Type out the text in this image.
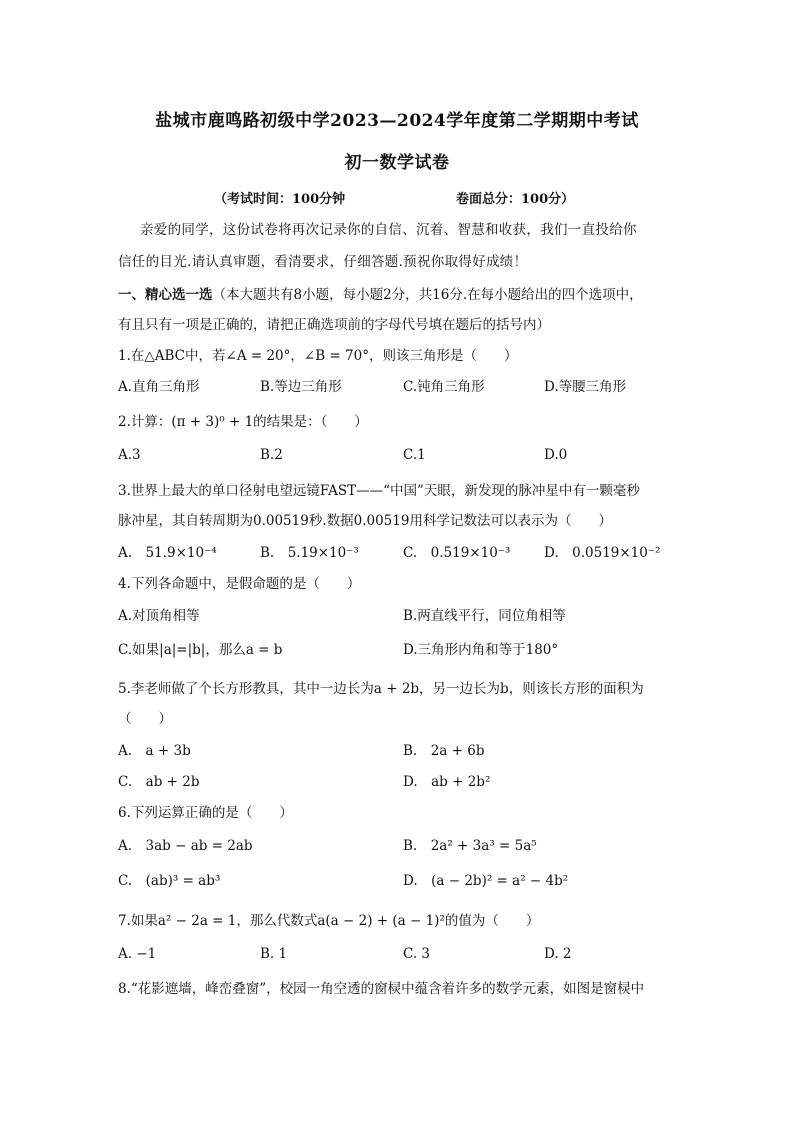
盐城市鹿鸣路初级中学2023—2024学年度第二学期期中考试
初一数学试卷
（考试时间：100分钟	卷面总分：100分）
亲爱的同学，这份试卷将再次记录你的自信、沉着、智慧和收获，我们一直投给你
信任的目光.请认真审题，看清要求，仔细答题.预祝你取得好成绩！
一、精心选一选（本大题共有8小题，每小题2分，共16分.在每小题给出的四个选项中，
有且只有一项是正确的，请把正确选项前的字母代号填在题后的括号内）
1.在△ABC中，若∠A = 20°，∠B = 70°，则该三角形是（　　）
A.直角三角形	B.等边三角形	C.钝角三角形	D.等腰三角形
2.计算：(π + 3)⁰ + 1的结果是：（　　）
A.3	B.2	C.1	D.0
3.世界上最大的单口径射电望远镜FAST——“中国”天眼，新发现的脉冲星中有一颗毫秒
脉冲星，其自转周期为0.00519秒.数据0.00519用科学记数法可以表示为（　　）
A.　51.9×10⁻⁴	B.　5.19×10⁻³	C.　0.519×10⁻³ D.　0.0519×10⁻²
4.下列各命题中，是假命题的是（　　）
A.对顶角相等	B.两直线平行，同位角相等
C.如果|a|=|b|，那么a = b	D.三角形内角和等于180°
5.李老师做了个长方形教具，其中一边长为a + 2b，另一边长为b，则该长方形的面积为
（　　）
A.　a + 3b	B.　2a + 6b
C.　ab + 2b	D.　ab + 2b²
6.下列运算正确的是（　　）
A.　3ab − ab = 2ab	B.　2a² + 3a³ = 5a⁵
C.　(ab)³ = ab³	D.　(a − 2b)² = a² − 4b²
7.如果a² − 2a = 1，那么代数式a(a − 2) + (a − 1)²的值为（　　）
A. −1	B. 1	C. 3	D. 2
8.“花影遮墙，峰峦叠窗”，校园一角空透的窗棂中蕴含着许多的数学元素，如图是窗棂中
